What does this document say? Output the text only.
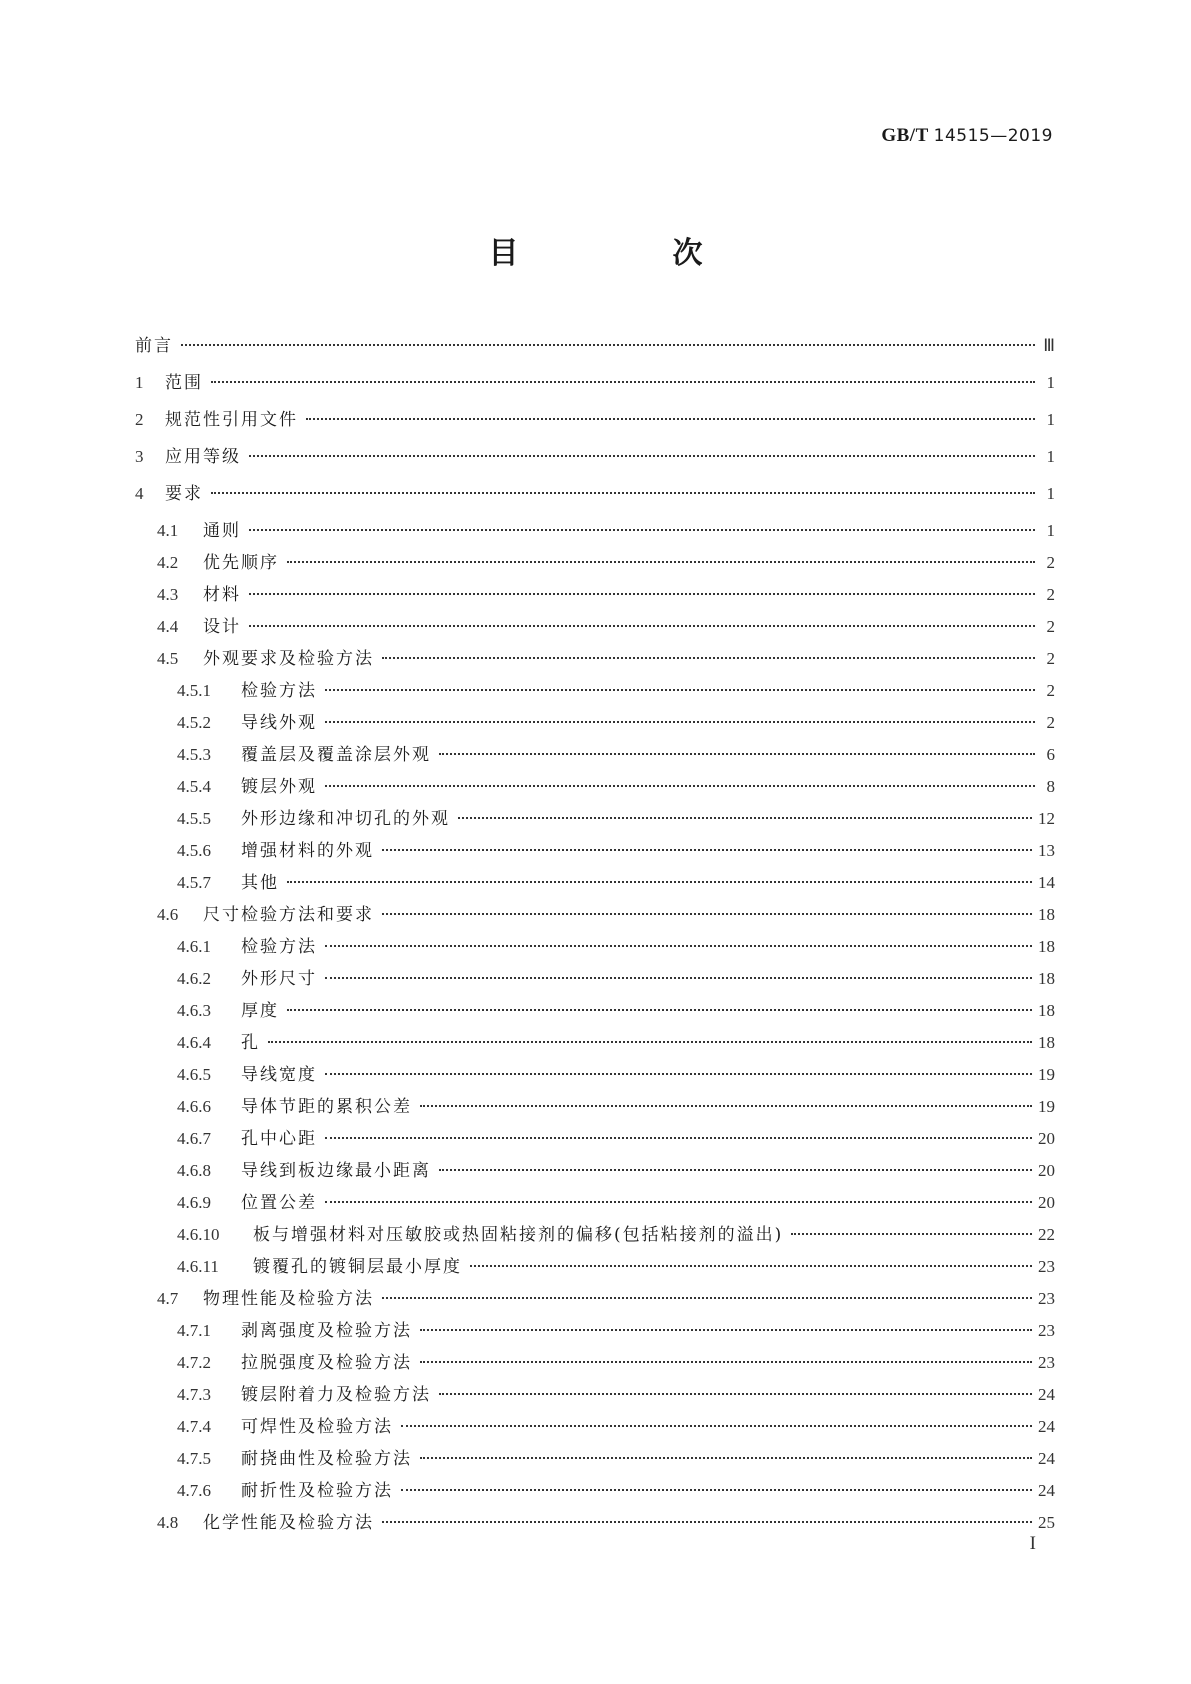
GB/T 14515—2019
目　次
前言	Ⅲ
1	范围	1
2	规范性引用文件	1
3	应用等级	1
4	要求	1
4.1	通则	1
4.2	优先顺序	2
4.3	材料	2
4.4	设计	2
4.5	外观要求及检验方法	2
4.5.1	检验方法	2
4.5.2	导线外观	2
4.5.3	覆盖层及覆盖涂层外观	6
4.5.4	镀层外观	8
4.5.5	外形边缘和冲切孔的外观	12
4.5.6	增强材料的外观	13
4.5.7	其他	14
4.6	尺寸检验方法和要求	18
4.6.1	检验方法	18
4.6.2	外形尺寸	18
4.6.3	厚度	18
4.6.4	孔	18
4.6.5	导线宽度	19
4.6.6	导体节距的累积公差	19
4.6.7	孔中心距	20
4.6.8	导线到板边缘最小距离	20
4.6.9	位置公差	20
4.6.10	板与增强材料对压敏胶或热固粘接剂的偏移(包括粘接剂的溢出)	22
4.6.11	镀覆孔的镀铜层最小厚度	23
4.7	物理性能及检验方法	23
4.7.1	剥离强度及检验方法	23
4.7.2	拉脱强度及检验方法	23
4.7.3	镀层附着力及检验方法	24
4.7.4	可焊性及检验方法	24
4.7.5	耐挠曲性及检验方法	24
4.7.6	耐折性及检验方法	24
4.8	化学性能及检验方法	25
I
